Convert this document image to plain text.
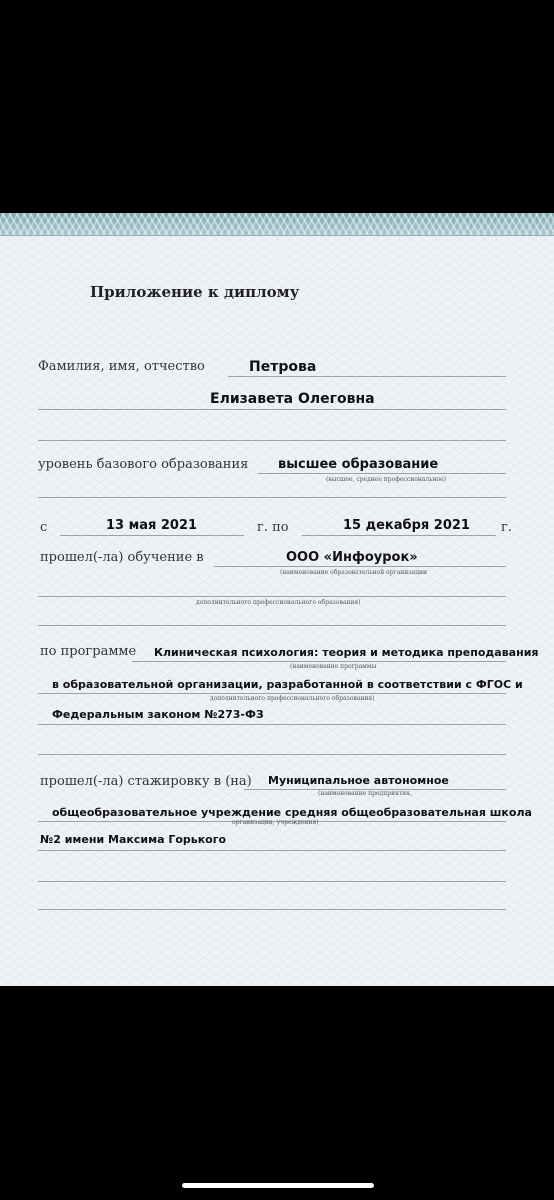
Приложение к диплому
Фамилия, имя, отчество	Петрова
Елизавета Олеговна
уровень базового образования высшее образование
(высшее, среднее профессиональное)
с	13 мая 2021	г. по	15 декабря 2021 г.
прошел(-ла) обучение в	ООО «Инфоурок»
(наименование образовательной организации
дополнительного профессионального образования)
по программе Клиническая психология: теория и методика преподавания
(наименование программы
в образовательной организации, разработанной в соответствии с ФГОС и
дополнительного профессионального образования)
Федеральным законом №273-ФЗ
прошел(-ла) стажировку в (на) Муниципальное автономное
(наименование предприятия,
общеобразовательное учреждение средняя общеобразовательная школа
организации, учреждения)
№2 имени Максима Горького
